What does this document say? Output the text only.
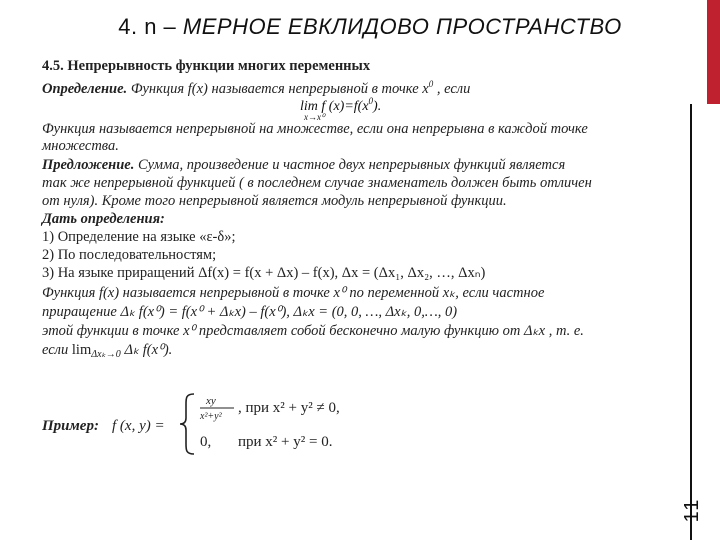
11
4. n – МЕРНОЕ ЕВКЛИДОВО ПРОСТРАНСТВО
4.5. Непрерывность функции многих переменных
Определение. Функция f(x) называется непрерывной в точке $x^0$ , если
lim f $(x)=f(x^0)$.
x→x⁰
Функция называется непрерывной на множестве, если она непрерывна в каждой точке
множества.
Предложение. Сумма, произведение и частное двух непрерывных функций является
так же непрерывной функцией ( в последнем случае знаменатель должен быть отличен
от нуля). Кроме того непрерывной является модуль непрерывной функции.
Дать определения:
1) Определение на языке «ε-δ»;
2) По последовательностям;
3) На языке приращений Δf(x) = f(x + Δx) – f(x), Δx = (Δx₁, Δx₂, …, Δxₙ)
Функция f(x) называется непрерывной в точке x⁰ по переменной xₖ, если частное
приращение Δₖ f(x⁰) = f(x⁰ + Δₖx) – f(x⁰), Δₖx = (0, 0, …, Δxₖ, 0,…, 0)
этой функции в точке x⁰ представляет собой бесконечно малую функцию от Δₖx , т. е.
если $\lim_{\Delta x_k\to 0} \Delta_k$ f(x⁰).
Пример: f (x, y) =
xy
x²+y²
, при x² + y² ≠ 0,
0, при x² + y² = 0.
